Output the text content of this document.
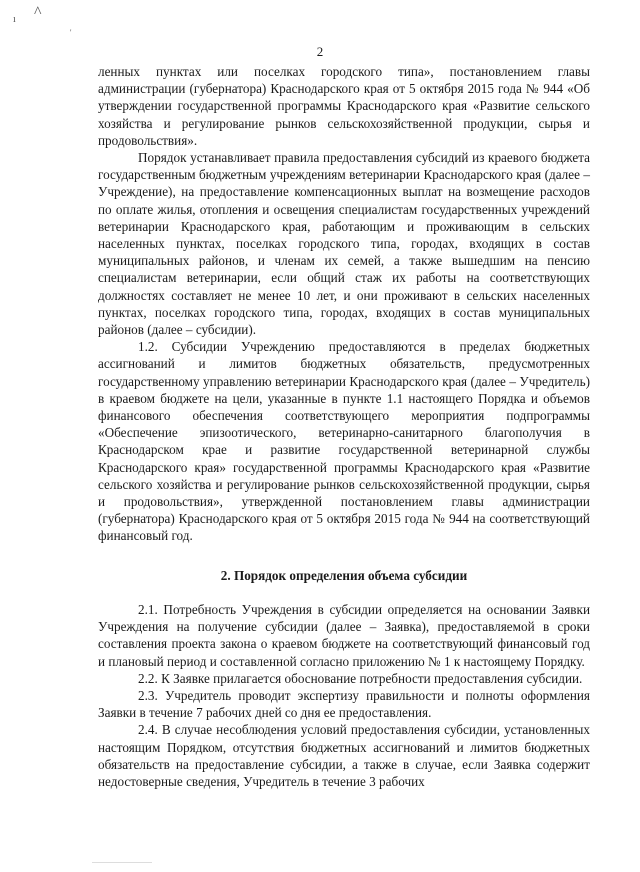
ı ^
'
2

ленных пунктах или поселках городского типа», постановлением главы администрации (губернатора) Краснодарского края от 5 октября 2015 года № 944 «Об утверждении государственной программы Краснодарского края «Развитие сельского хозяйства и регулирование рынков сельскохозяйственной продукции, сырья и продовольствия».

Порядок устанавливает правила предоставления субсидий из краевого бюджета государственным бюджетным учреждениям ветеринарии Краснодарского края (далее – Учреждение), на предоставление компенсационных выплат на возмещение расходов по оплате жилья, отопления и освещения специалистам государственных учреждений ветеринарии Краснодарского края, работающим и проживающим в сельских населенных пунктах, поселках городского типа, городах, входящих в состав муниципальных районов, и членам их семей, а также вышедшим на пенсию специалистам ветеринарии, если общий стаж их работы на соответствующих должностях составляет не менее 10 лет, и они проживают в сельских населенных пунктах, поселках городского типа, городах, входящих в состав муниципальных районов (далее – субсидии).

1.2. Субсидии Учреждению предоставляются в пределах бюджетных ассигнований и лимитов бюджетных обязательств, предусмотренных государственному управлению ветеринарии Краснодарского края (далее – Учредитель) в краевом бюджете на цели, указанные в пункте 1.1 настоящего Порядка и объемов финансового обеспечения соответствующего мероприятия подпрограммы «Обеспечение эпизоотического, ветеринарно-санитарного благополучия в Краснодарском крае и развитие государственной ветеринарной службы Краснодарского края» государственной программы Краснодарского края «Развитие сельского хозяйства и регулирование рынков сельскохозяйственной продукции, сырья и продовольствия», утвержденной постановлением главы администрации (губернатора) Краснодарского края от 5 октября 2015 года № 944 на соответствующий финансовый год.

2. Порядок определения объема субсидии

2.1. Потребность Учреждения в субсидии определяется на основании Заявки Учреждения на получение субсидии (далее – Заявка), предоставляемой в сроки составления проекта закона о краевом бюджете на соответствующий финансовый год и плановый период и составленной согласно приложению № 1 к настоящему Порядку.

2.2. К Заявке прилагается обоснование потребности предоставления субсидии.

2.3. Учредитель проводит экспертизу правильности и полноты оформления Заявки в течение 7 рабочих дней со дня ее предоставления.

2.4. В случае несоблюдения условий предоставления субсидии, установленных настоящим Порядком, отсутствия бюджетных ассигнований и лимитов бюджетных обязательств на предоставление субсидии, а также в случае, если Заявка содержит недостоверные сведения, Учредитель в течение 3 рабочих
